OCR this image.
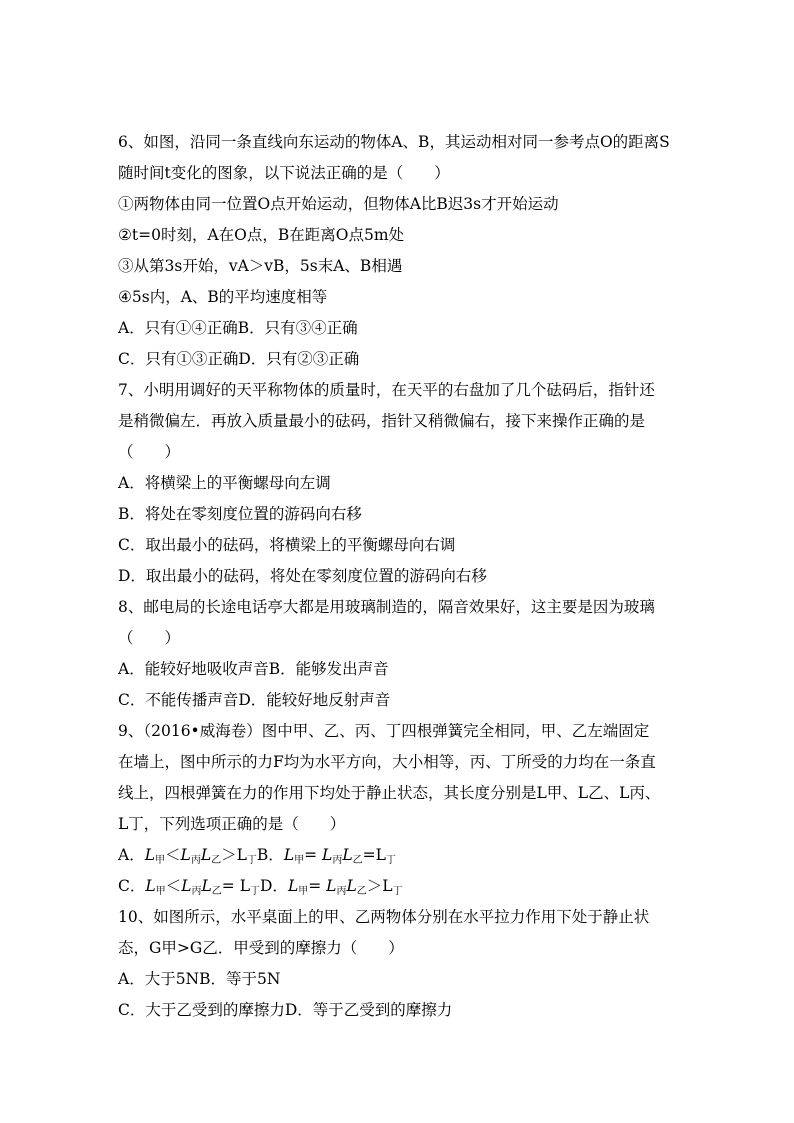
6、如图，沿同一条直线向东运动的物体A、B，其运动相对同一参考点O的距离S
随时间t变化的图象，以下说法正确的是（　　）
①两物体由同一位置O点开始运动，但物体A比B迟3s才开始运动
②t=0时刻，A在O点，B在距离O点5m处
③从第3s开始，vA＞vB，5s末A、B相遇
④5s内，A、B的平均速度相等
A．只有①④正确B．只有③④正确
C．只有①③正确D．只有②③正确
7、小明用调好的天平称物体的质量时，在天平的右盘加了几个砝码后，指针还
是稍微偏左．再放入质量最小的砝码，指针又稍微偏右，接下来操作正确的是
（　　）
A．将横梁上的平衡螺母向左调
B．将处在零刻度位置的游码向右移
C．取出最小的砝码，将横梁上的平衡螺母向右调
D．取出最小的砝码，将处在零刻度位置的游码向右移
8、邮电局的长途电话亭大都是用玻璃制造的，隔音效果好，这主要是因为玻璃
（　　）
A．能较好地吸收声音B．能够发出声音
C．不能传播声音D．能较好地反射声音
9、（2016•威海卷）图中甲、乙、丙、丁四根弹簧完全相同，甲、乙左端固定
在墙上，图中所示的力F均为水平方向，大小相等，丙、丁所受的力均在一条直
线上，四根弹簧在力的作用下均处于静止状态，其长度分别是L甲、L乙、L丙、
L丁，下列选项正确的是（　　）
A．$L_甲<L_丙L_乙>L_丁B$．$L_甲= L_丙L_乙=L_丁$
C．$L_甲<L_丙L_乙= L_丁D$．$L_甲= L_丙L_乙>L_丁$
10、如图所示，水平桌面上的甲、乙两物体分别在水平拉力作用下处于静止状
态，G甲>G乙．甲受到的摩擦力（　　）
A．大于5NB．等于5N
C．大于乙受到的摩擦力D．等于乙受到的摩擦力
